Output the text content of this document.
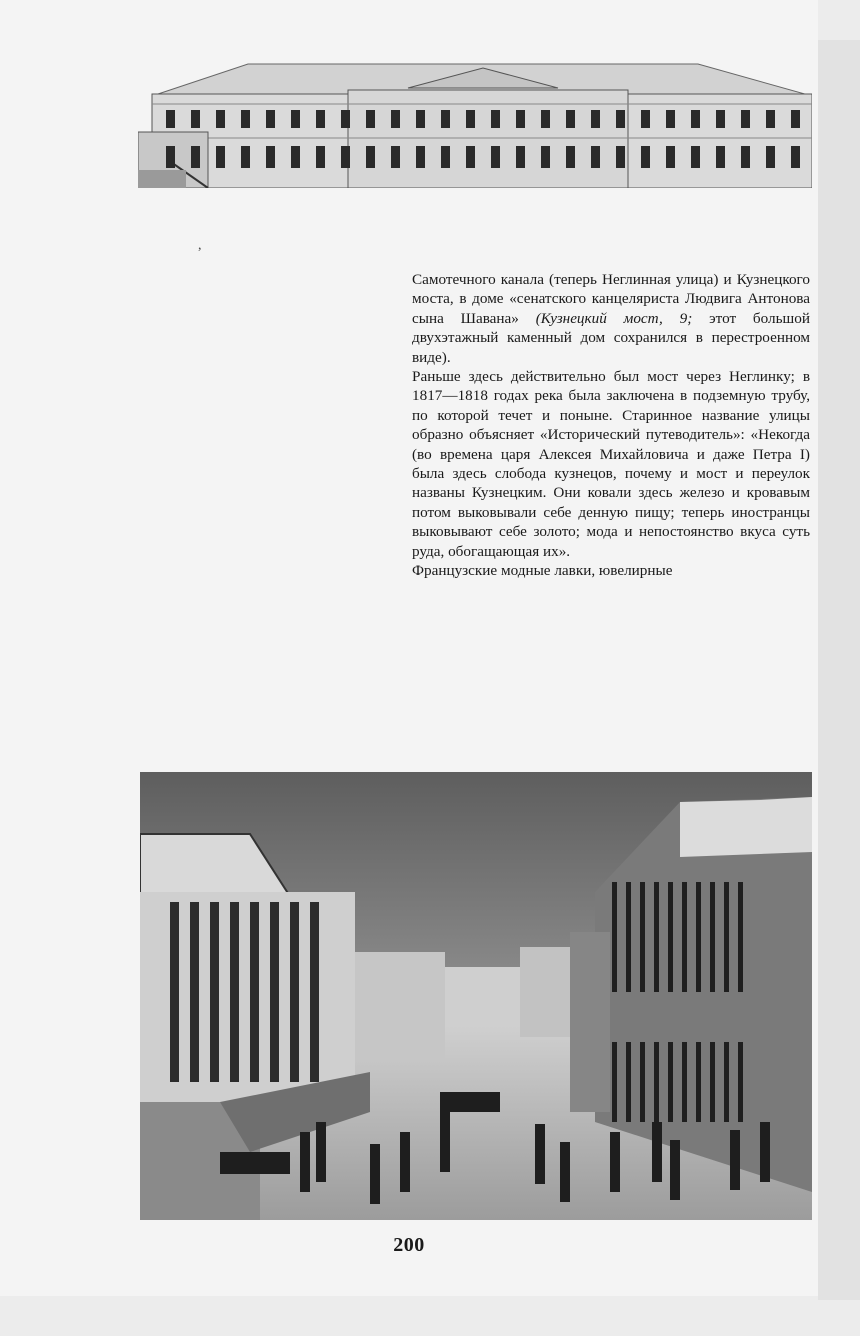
,

Самотечного канала (теперь Неглинная улица) и Кузнецкого моста, в доме «сенатского канцеляриста Людвига Антонова сына Шавана» (Кузнецкий мост, 9; этот большой двухэтажный каменный дом сохранился в перестроенном виде).

Раньше здесь действительно был мост через Неглинку; в 1817—1818 годах река была заключена в подземную трубу, по которой течет и поныне. Старинное название улицы образно объясняет «Исторический путеводитель»: «Некогда (во времена царя Алексея Михайловича и даже Петра I) была здесь слобода кузнецов, почему и мост и переулок названы Кузнецким. Они ковали здесь железо и кровавым потом выковывали себе денную пищу; теперь иностранцы выковывают себе золото; мода и непостоянство вкуса суть руда, обогащающая их».

Французские модные лавки, ювелирные

200
